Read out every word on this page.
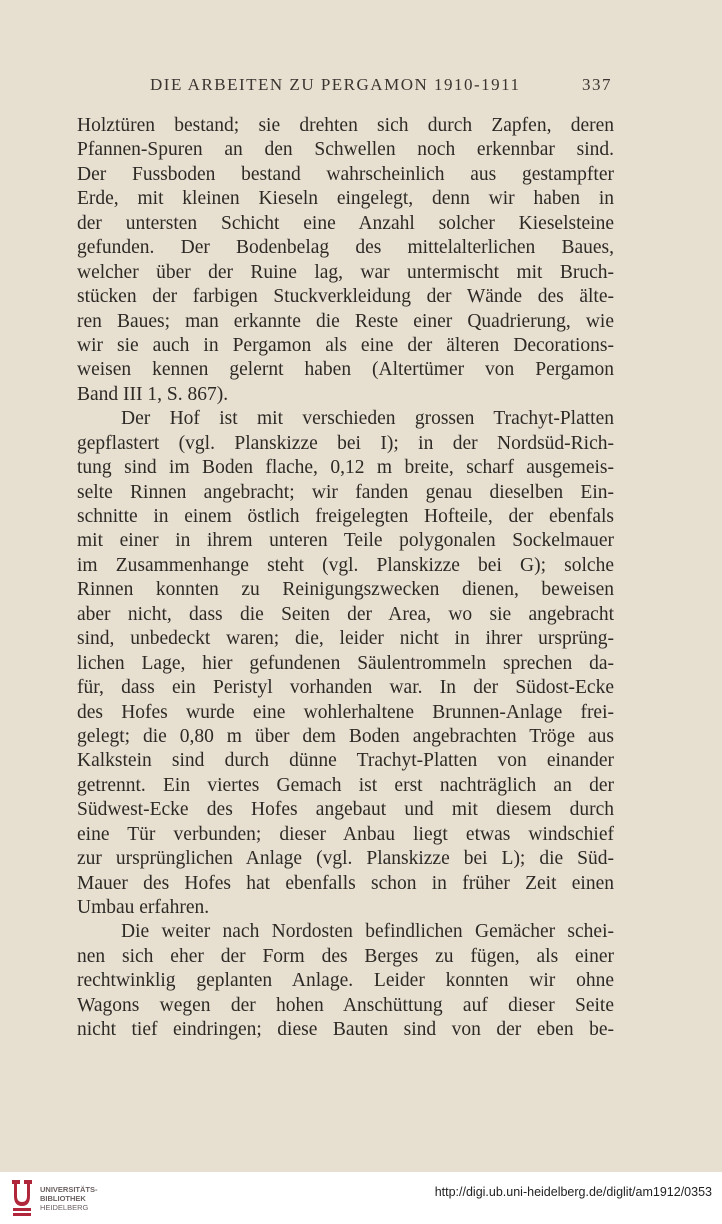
DIE ARBEITEN ZU PERGAMON 1910-1911	337
Holztüren bestand; sie drehten sich durch Zapfen, deren
Pfannen-Spuren an den Schwellen noch erkennbar sind.
Der Fussboden bestand wahrscheinlich aus gestampfter
Erde, mit kleinen Kieseln eingelegt, denn wir haben in
der untersten Schicht eine Anzahl solcher Kieselsteine
gefunden. Der Bodenbelag des mittelalterlichen Baues,
welcher über der Ruine lag, war untermischt mit Bruch-
stücken der farbigen Stuckverkleidung der Wände des älte-
ren Baues; man erkannte die Reste einer Quadrierung, wie
wir sie auch in Pergamon als eine der älteren Decorations-
weisen kennen gelernt haben (Altertümer von Pergamon
Band III 1, S. 867).
Der Hof ist mit verschieden grossen Trachyt-Platten
gepflastert (vgl. Planskizze bei I); in der Nordsüd-Rich-
tung sind im Boden flache, 0,12 m breite, scharf ausgemeis-
selte Rinnen angebracht; wir fanden genau dieselben Ein-
schnitte in einem östlich freigelegten Hofteile, der ebenfals
mit einer in ihrem unteren Teile polygonalen Sockelmauer
im Zusammenhange steht (vgl. Planskizze bei G); solche
Rinnen konnten zu Reinigungszwecken dienen, beweisen
aber nicht, dass die Seiten der Area, wo sie angebracht
sind, unbedeckt waren; die, leider nicht in ihrer ursprüng-
lichen Lage, hier gefundenen Säulentrommeln sprechen da-
für, dass ein Peristyl vorhanden war. In der Südost-Ecke
des Hofes wurde eine wohlerhaltene Brunnen-Anlage frei-
gelegt; die 0,80 m über dem Boden angebrachten Tröge aus
Kalkstein sind durch dünne Trachyt-Platten von einander
getrennt. Ein viertes Gemach ist erst nachträglich an der
Südwest-Ecke des Hofes angebaut und mit diesem durch
eine Tür verbunden; dieser Anbau liegt etwas windschief
zur ursprünglichen Anlage (vgl. Planskizze bei L); die Süd-
Mauer des Hofes hat ebenfalls schon in früher Zeit einen
Umbau erfahren.
Die weiter nach Nordosten befindlichen Gemächer schei-
nen sich eher der Form des Berges zu fügen, als einer
rechtwinklig geplanten Anlage. Leider konnten wir ohne
Wagons wegen der hohen Anschüttung auf dieser Seite
nicht tief eindringen; diese Bauten sind von der eben be-
UNIVERSITÄTS-
BIBLIOTHEK
HEIDELBERG
http://digi.ub.uni-heidelberg.de/diglit/am1912/0353
